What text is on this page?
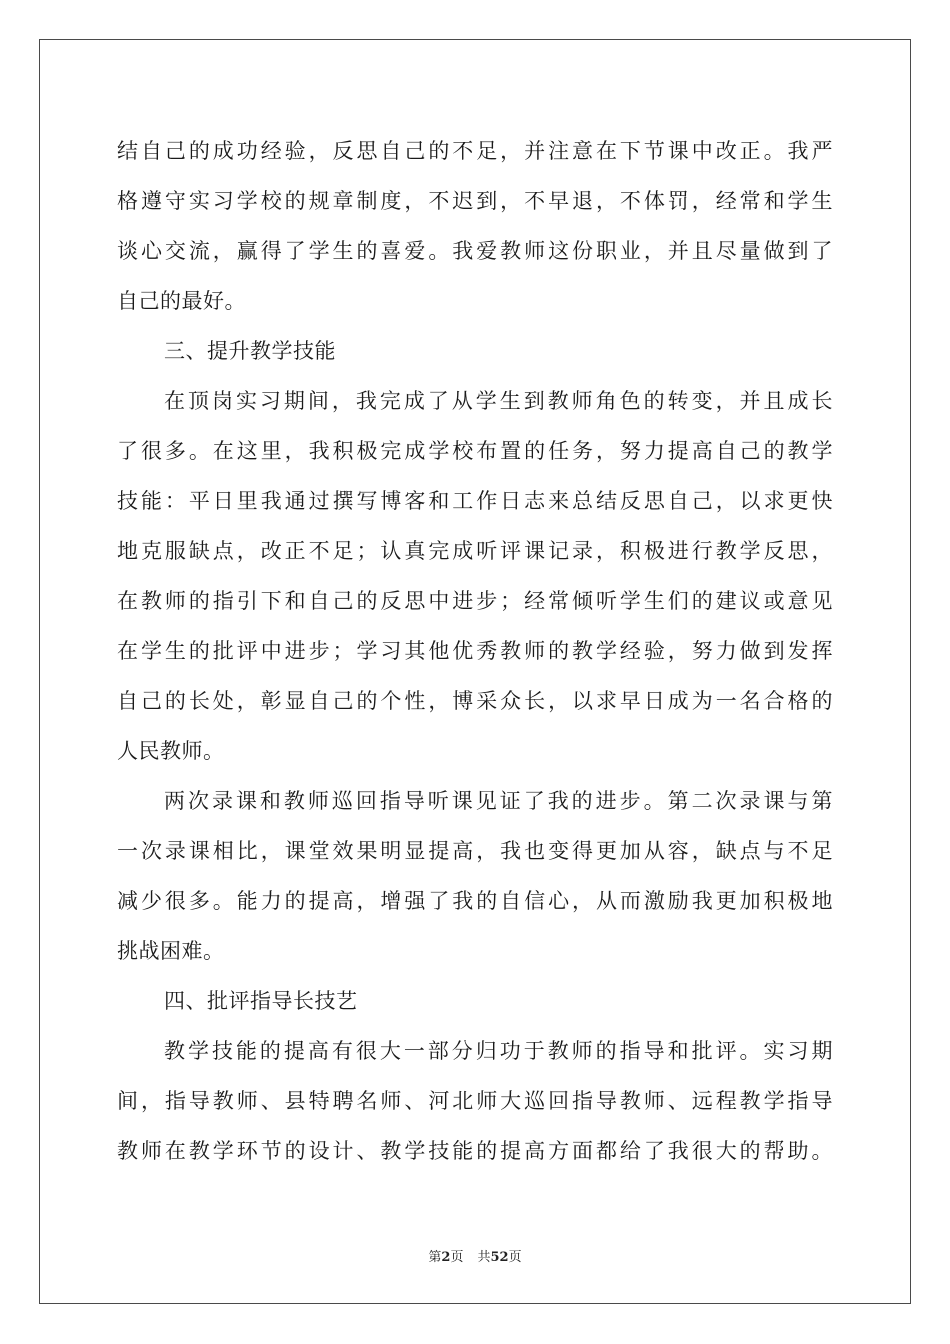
结自己的成功经验，反思自己的不足，并注意在下节课中改正。我严
格遵守实习学校的规章制度，不迟到，不早退，不体罚，经常和学生
谈心交流，赢得了学生的喜爱。我爱教师这份职业，并且尽量做到了
自己的最好。
三、提升教学技能
在顶岗实习期间，我完成了从学生到教师角色的转变，并且成长
了很多。在这里，我积极完成学校布置的任务，努力提高自己的教学
技能：平日里我通过撰写博客和工作日志来总结反思自己，以求更快
地克服缺点，改正不足；认真完成听评课记录，积极进行教学反思，
在教师的指引下和自己的反思中进步；经常倾听学生们的建议或意见
在学生的批评中进步；学习其他优秀教师的教学经验，努力做到发挥
自己的长处，彰显自己的个性，博采众长，以求早日成为一名合格的
人民教师。
两次录课和教师巡回指导听课见证了我的进步。第二次录课与第
一次录课相比，课堂效果明显提高，我也变得更加从容，缺点与不足
减少很多。能力的提高，增强了我的自信心，从而激励我更加积极地
挑战困难。
四、批评指导长技艺
教学技能的提高有很大一部分归功于教师的指导和批评。实习期
间，指导教师、县特聘名师、河北师大巡回指导教师、远程教学指导
教师在教学环节的设计、教学技能的提高方面都给了我很大的帮助。
第2页 共52页
